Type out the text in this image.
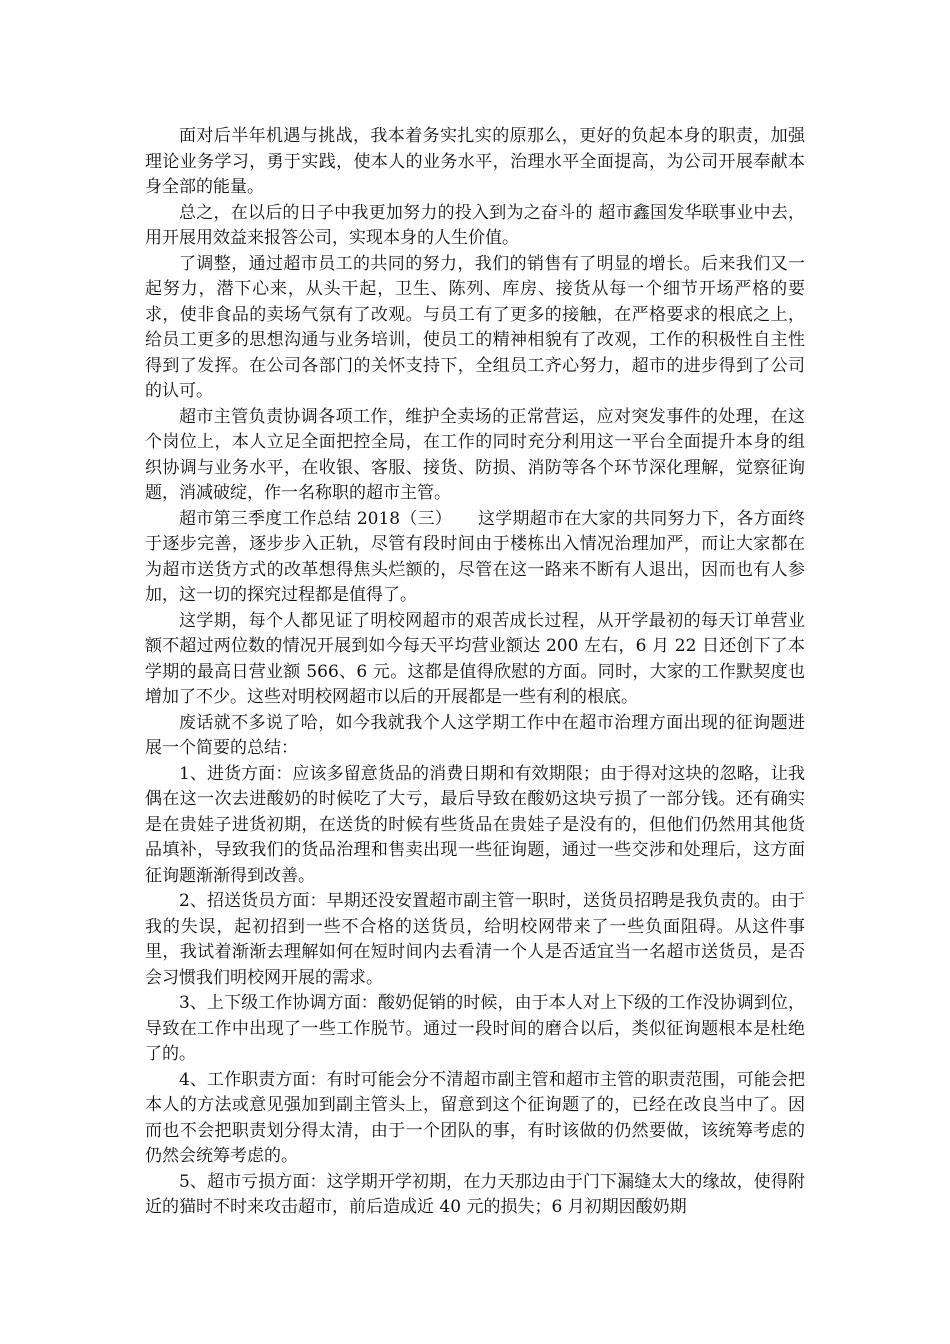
面对后半年机遇与挑战，我本着务实扎实的原那么，更好的负起本身的职责，加强理论业务学习，勇于实践，使本人的业务水平，治理水平全面提高，为公司开展奉献本身全部的能量。

总之，在以后的日子中我更加努力的投入到为之奋斗的 超市鑫国发华联事业中去，用开展用效益来报答公司，实现本身的人生价值。

了调整，通过超市员工的共同的努力，我们的销售有了明显的增长。后来我们又一起努力，潜下心来，从头干起，卫生、陈列、库房、接货从每一个细节开场严格的要求，使非食品的卖场气氛有了改观。与员工有了更多的接触，在严格要求的根底之上，给员工更多的思想沟通与业务培训，使员工的精神相貌有了改观，工作的积极性自主性得到了发挥。在公司各部门的关怀支持下，全组员工齐心努力，超市的进步得到了公司的认可。

超市主管负责协调各项工作，维护全卖场的正常营运，应对突发事件的处理，在这个岗位上，本人立足全面把控全局，在工作的同时充分利用这一平台全面提升本身的组织协调与业务水平，在收银、客服、接货、防损、消防等各个环节深化理解，觉察征询题，消减破绽，作一名称职的超市主管。

超市第三季度工作总结 2018（三）　　这学期超市在大家的共同努力下，各方面终于逐步完善，逐步步入正轨，尽管有段时间由于楼栋出入情况治理加严，而让大家都在为超市送货方式的改革想得焦头烂额的，尽管在这一路来不断有人退出，因而也有人参加，这一切的探究过程都是值得了。

这学期，每个人都见证了明校网超市的艰苦成长过程，从开学最初的每天订单营业额不超过两位数的情况开展到如今每天平均营业额达 200 左右，6 月 22 日还创下了本学期的最高日营业额 566、6 元。这都是值得欣慰的方面。同时，大家的工作默契度也增加了不少。这些对明校网超市以后的开展都是一些有利的根底。

废话就不多说了哈，如今我就我个人这学期工作中在超市治理方面出现的征询题进展一个简要的总结：

1、进货方面：应该多留意货品的消费日期和有效期限；由于得对这块的忽略，让我偶在这一次去进酸奶的时候吃了大亏，最后导致在酸奶这块亏损了一部分钱。还有确实是在贵娃子进货初期，在送货的时候有些货品在贵娃子是没有的，但他们仍然用其他货品填补，导致我们的货品治理和售卖出现一些征询题，通过一些交涉和处理后，这方面征询题渐渐得到改善。

2、招送货员方面：早期还没安置超市副主管一职时，送货员招聘是我负责的。由于我的失误，起初招到一些不合格的送货员，给明校网带来了一些负面阻碍。从这件事里，我试着渐渐去理解如何在短时间内去看清一个人是否适宜当一名超市送货员，是否会习惯我们明校网开展的需求。

3、上下级工作协调方面：酸奶促销的时候，由于本人对上下级的工作没协调到位，导致在工作中出现了一些工作脱节。通过一段时间的磨合以后，类似征询题根本是杜绝了的。

4、工作职责方面：有时可能会分不清超市副主管和超市主管的职责范围，可能会把本人的方法或意见强加到副主管头上，留意到这个征询题了的，已经在改良当中了。因而也不会把职责划分得太清，由于一个团队的事，有时该做的仍然要做，该统筹考虑的仍然会统筹考虑的。

5、超市亏损方面：这学期开学初期，在力天那边由于门下漏缝太大的缘故，使得附近的猫时不时来攻击超市，前后造成近 40 元的损失；6 月初期因酸奶期
